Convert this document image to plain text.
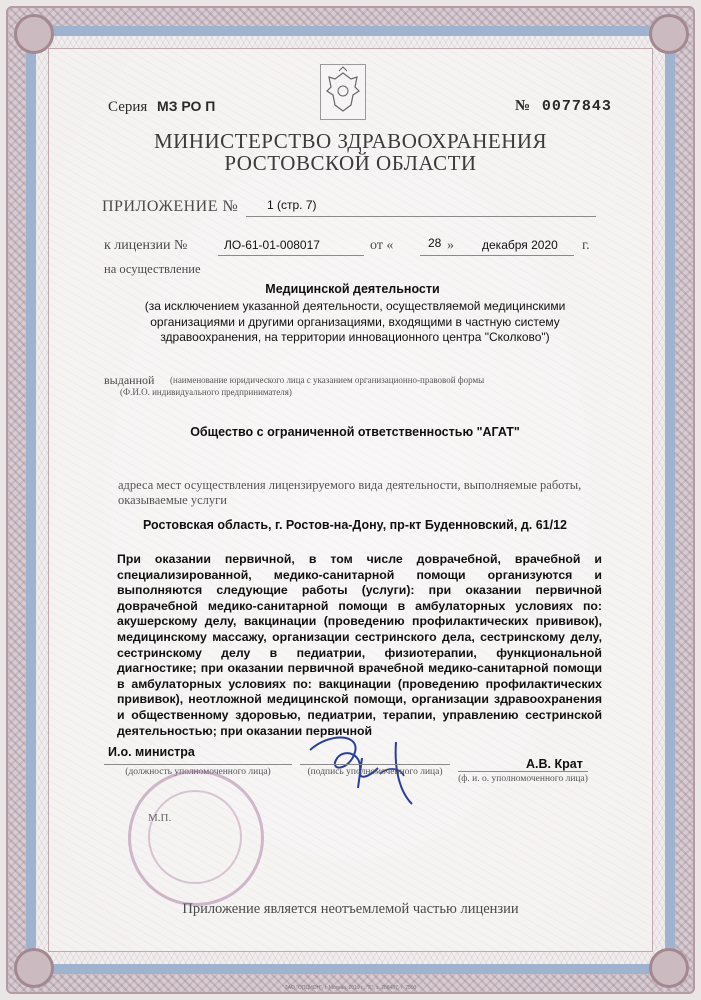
Серия МЗ РО П	№ 0077843
МИНИСТЕРСТВО ЗДРАВООХРАНЕНИЯ
РОСТОВСКОЙ ОБЛАСТИ
ПРИЛОЖЕНИЕ № 1 (стр. 7)
к лицензии №	ЛО-61-01-008017	от «	28 » декабря 2020 г.
на осуществление
Медицинской деятельности
(за исключением указанной деятельности, осуществляемой медицинскими организациями и другими организациями, входящими в частную систему здравоохранения, на территории инновационного центра "Сколково")
выданной (наименование юридического лица с указанием организационно-правовой формы
(Ф.И.О. индивидуального предпринимателя)
Общество с ограниченной ответственностью "АГАТ"
адреса мест осуществления лицензируемого вида деятельности, выполняемые работы, оказываемые услуги
Ростовская область, г. Ростов-на-Дону, пр-кт Буденновский, д. 61/12
При оказании первичной, в том числе доврачебной, врачебной и специализированной, медико-санитарной помощи организуются и выполняются следующие работы (услуги): при оказании первичной доврачебной медико-санитарной помощи в амбулаторных условиях по: акушерскому делу, вакцинации (проведению профилактических прививок), медицинскому массажу, организации сестринского дела, сестринскому делу, сестринскому делу в педиатрии, физиотерапии, функциональной диагностике; при оказании первичной врачебной медико-санитарной помощи в амбулаторных условиях по: вакцинации (проведению профилактических прививок), неотложной медицинской помощи, организации здравоохранения и общественному здоровью, педиатрии, терапии, управлению сестринской деятельностью; при оказании первичной
И.о. министра
(должность уполномоченного лица)	(подпись уполномоченного лица)
А.В. Крат
(ф. и. о. уполномоченного лица)
М.П.
Приложение является неотъемлемой частью лицензии
ЗАО "ОПЦИОН", г. Москва, 2019 г., "Б", з. 288487, т. 7500
